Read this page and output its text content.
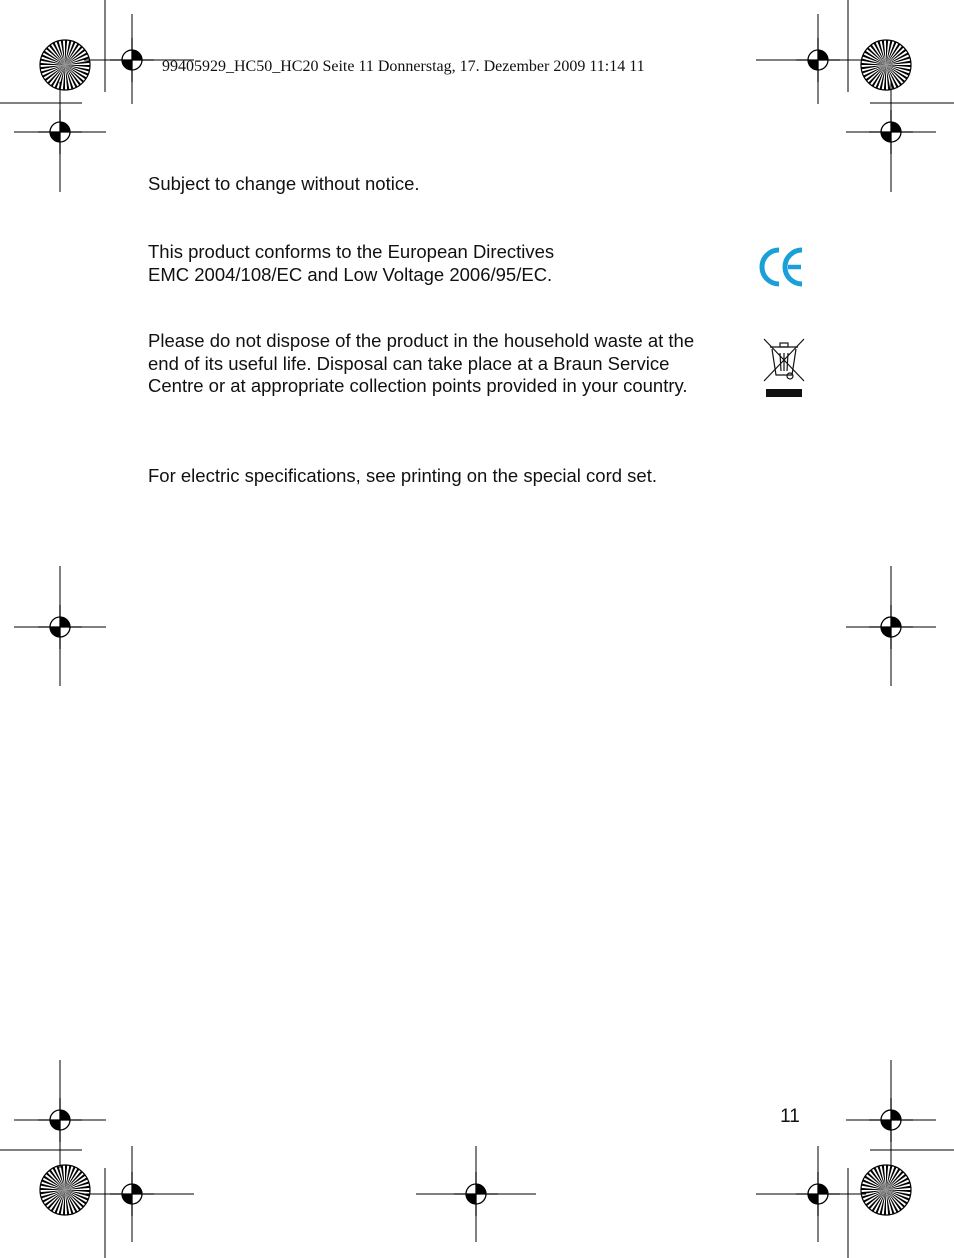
99405929_HC50_HC20 Seite 11 Donnerstag, 17. Dezember 2009 11:14 11

Subject to change without notice.

This product conforms to the European Directives
EMC 2004/108/EC and Low Voltage 2006/95/EC.

Please do not dispose of the product in the household waste at the end of its useful life. Disposal can take place at a Braun Service Centre or at appropriate collection points provided in your country.

For electric specifications, see printing on the special cord set.

11
